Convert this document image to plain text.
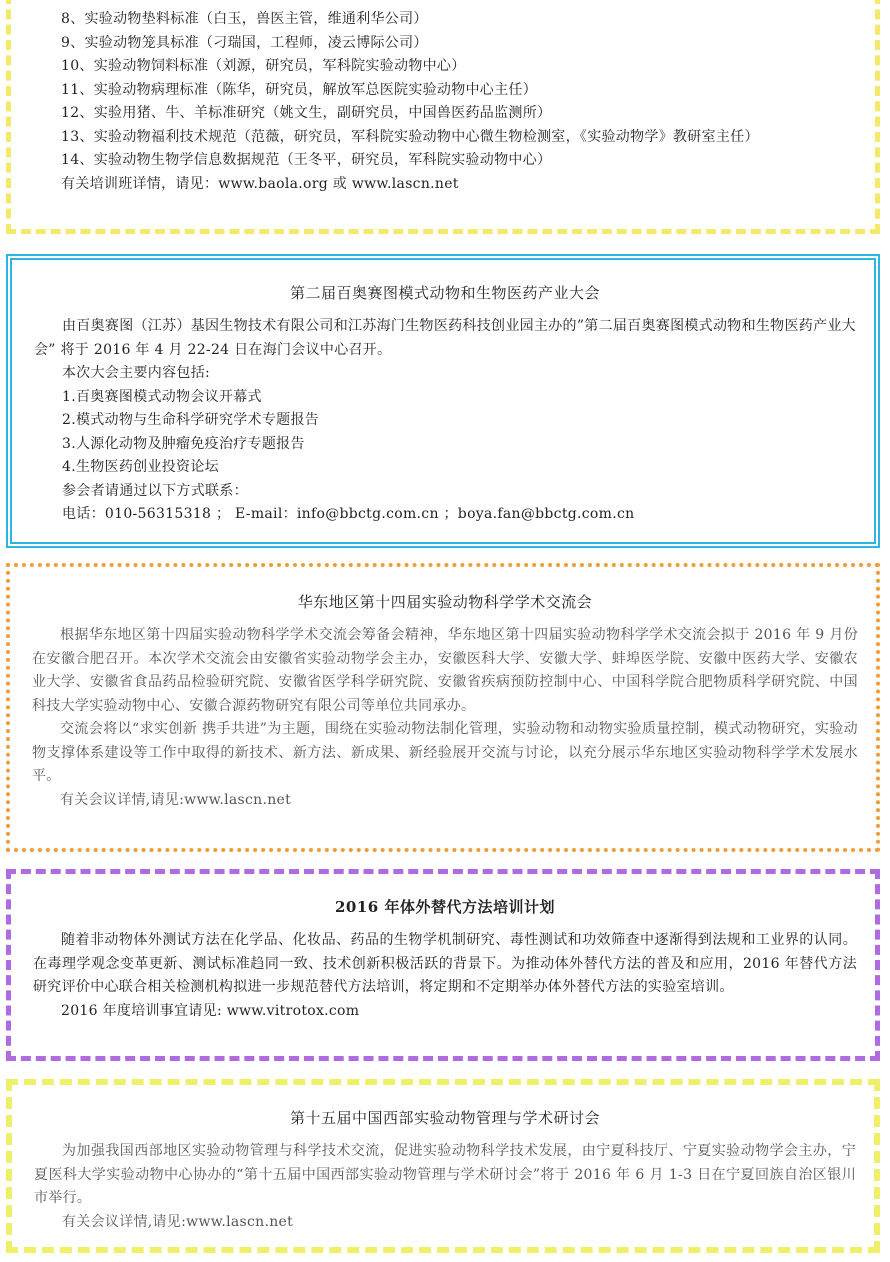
8、实验动物垫料标准（白玉，兽医主管，维通利华公司）
9、实验动物笼具标准（刁瑞国，工程师，凌云博际公司）
10、实验动物饲料标准（刘源，研究员，军科院实验动物中心）
11、实验动物病理标准（陈华，研究员，解放军总医院实验动物中心主任）
12、实验用猪、牛、羊标准研究（姚文生，副研究员，中国兽医药品监测所）
13、实验动物福利技术规范（范薇，研究员，军科院实验动物中心微生物检测室，《实验动物学》教研室主任）
14、实验动物生物学信息数据规范（王冬平，研究员，军科院实验动物中心）
有关培训班详情，请见：www.baola.org 或 www.lascn.net
第二届百奥赛图模式动物和生物医药产业大会

由百奥赛图（江苏）基因生物技术有限公司和江苏海门生物医药科技创业园主办的”第二届百奥赛图模式动物和生物医药产业大会” 将于 2016 年 4 月 22-24 日在海门会议中心召开。

本次大会主要内容包括:
1.百奥赛图模式动物会议开幕式
2.模式动物与生命科学研究学术专题报告
3.人源化动物及肿瘤免疫治疗专题报告
4.生物医药创业投资论坛
参会者请通过以下方式联系：
电话：010-56315318 ； E-mail：info@bbctg.com.cn ；boya.fan@bbctg.com.cn
华东地区第十四届实验动物科学学术交流会

根据华东地区第十四届实验动物科学学术交流会筹备会精神，华东地区第十四届实验动物科学学术交流会拟于 2016 年 9 月份在安徽合肥召开。本次学术交流会由安徽省实验动物学会主办，安徽医科大学、安徽大学、蚌埠医学院、安徽中医药大学、安徽农业大学、安徽省食品药品检验研究院、安徽省医学科学研究院、安徽省疾病预防控制中心、中国科学院合肥物质科学研究院、中国科技大学实验动物中心、安徽合源药物研究有限公司等单位共同承办。

交流会将以“求实创新 携手共进”为主题，围绕在实验动物法制化管理，实验动物和动物实验质量控制，模式动物研究，实验动物支撑体系建设等工作中取得的新技术、新方法、新成果、新经验展开交流与讨论，以充分展示华东地区实验动物科学学术发展水平。

有关会议详情,请见:www.lascn.net

2016 年体外替代方法培训计划

随着非动物体外测试方法在化学品、化妆品、药品的生物学机制研究、毒性测试和功效筛查中逐渐得到法规和工业界的认同。在毒理学观念变革更新、测试标准趋同一致、技术创新积极活跃的背景下。为推动体外替代方法的普及和应用，2016 年替代方法研究评价中心联合相关检测机构拟进一步规范替代方法培训，将定期和不定期举办体外替代方法的实验室培训。

2016 年度培训事宜请见: www.vitrotox.com

第十五届中国西部实验动物管理与学术研讨会

为加强我国西部地区实验动物管理与科学技术交流，促进实验动物科学技术发展，由宁夏科技厅、宁夏实验动物学会主办，宁夏医科大学实验动物中心协办的“第十五届中国西部实验动物管理与学术研讨会”将于 2016 年 6 月 1-3 日在宁夏回族自治区银川市举行。

有关会议详情,请见:www.lascn.net
